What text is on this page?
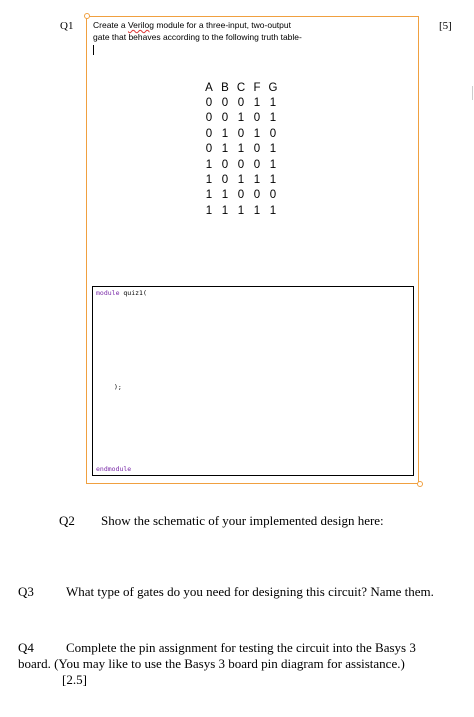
Q1	[5]
Create a Verilog module for a three-input, two-output
gate that behaves according to the following truth table-
A	B	C	F	G
0	0	0	1	1
0	0	1	0	1
0	1	0	1	0
0	1	1	0	1
1	0	0	0	1
1	0	1	1	1
1	1	0	0	0
1	1	1	1	1
module quiz1(
);
endmodule
Q2 Show the schematic of your implemented design here:
Q3 What type of gates do you need for designing this circuit? Name them.
Q4 Complete the pin assignment for testing the circuit into the Basys 3
board. (You may like to use the Basys 3 board pin diagram for assistance.)
[2.5]
